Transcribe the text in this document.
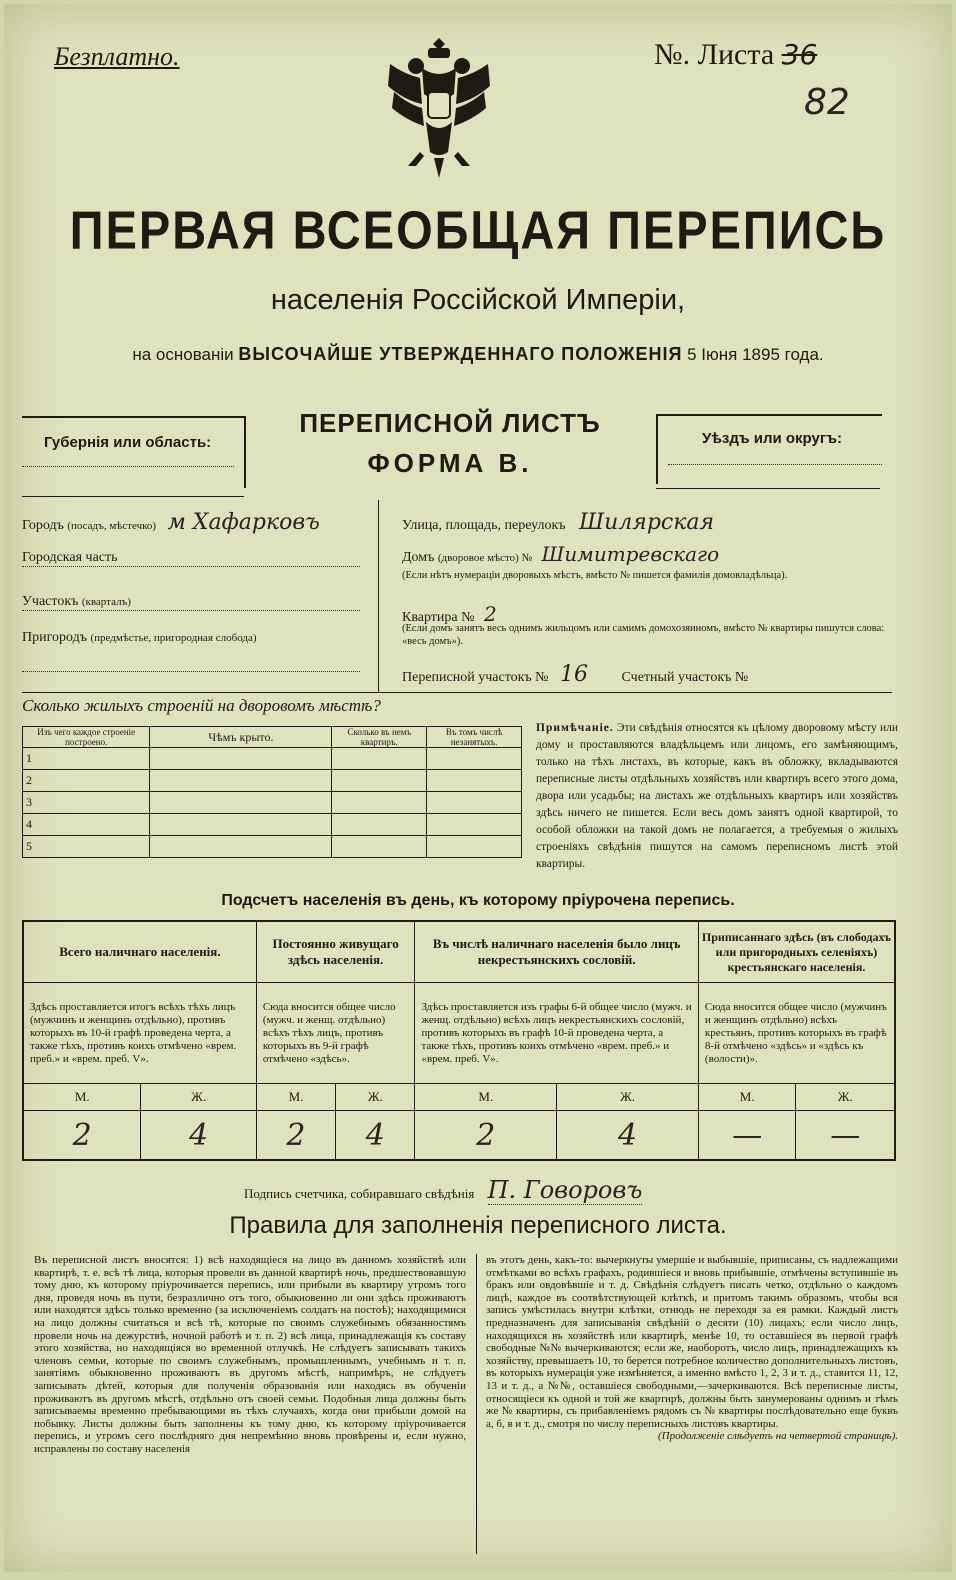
Безплатно.	№. Листа 36
82
ПЕРВАЯ ВСЕОБЩАЯ ПЕРЕПИСЬ
населенія Россійской Имперіи,
на основаніи ВЫСОЧАЙШЕ УТВЕРЖДЕННАГО ПОЛОЖЕНІЯ 5 Іюня 1895 года.
Губернія или область:
ПЕРЕПИСНОЙ ЛИСТЪ
ФОРМА В.
Уѣздъ или округъ:
Городъ (посадъ, мѣстечко) м Хафарковъ
Городская часть
Участокъ (кварталъ)
Пригородъ (предмѣстье, пригородная слобода)
Улица, площадь, переулокъ Шилярская
Домъ (дворовое мѣсто) № Шимитревскаго
(Если нѣтъ нумераціи дворовыхъ мѣстъ, вмѣсто № пишется фамилія домовладѣльца).
Квартира № 2
(Если домъ занятъ весь однимъ жильцомъ или самимъ домохозяиномъ, вмѣсто № квартиры пишутся слова: «весь домъ»).
Переписной участокъ № 16 Счетный участокъ №
Сколько жилыхъ строеній на дворовомъ мѣстѣ?
Изъ чего каждое строеніе построено.	Чѣмъ крыто.	Сколько въ немъ квартиръ.	Въ томъ числѣ незанятыхъ.
1			
2			
3			
4			
5			
Примѣчаніе. Эти свѣдѣнія относятся къ цѣлому дворовому мѣсту или дому и проставляются владѣльцемъ или лицомъ, его замѣняющимъ, только на тѣхъ листахъ, въ которые, какъ въ обложку, вкладываются переписные листы отдѣльныхъ хозяйствъ или квартиръ всего этого дома, двора или усадьбы; на листахъ же отдѣльныхъ квартиръ или хозяйствъ здѣсь ничего не пишется. Если весь домъ занятъ одной квартирой, то особой обложки на такой домъ не полагается, а требуемыя о жилыхъ строеніяхъ свѣдѣнія пишутся на самомъ переписномъ листѣ этой квартиры.
Подсчетъ населенія въ день, къ которому пріурочена перепись.
Всего наличнаго населенія.		Постоянно живущаго здѣсь населенія.		Въ числѣ наличнаго населенія было лицъ некрестьянскихъ сословій.		Приписаннаго здѣсь (въ слободахъ или пригородныхъ селеніяхъ) крестьянскаго населенія.	
Здѣсь проставляется итогъ всѣхъ тѣхъ лицъ (мужчинъ и женщинъ отдѣльно), противъ которыхъ въ 10-й графѣ проведена черта, а также тѣхъ, противъ коихъ отмѣчено «врем. преб.» и «врем. преб. V».		Сюда вносится общее число (мужч. и женщ. отдѣльно) всѣхъ тѣхъ лицъ, противъ которыхъ въ 9-й графѣ отмѣчено «здѣсь».		Здѣсь проставляется изъ графы 6-й общее число (мужч. и женщ. отдѣльно) всѣхъ лицъ некрестьянскихъ сословій, противъ которыхъ въ графѣ 10-й проведена черта, а также тѣхъ, противъ коихъ отмѣчено «врем. преб.» и «врем. преб. V».		Сюда вносится общее число (мужчинъ и женщинъ отдѣльно) всѣхъ крестьянъ, противъ которыхъ въ графѣ 8-й отмѣчено «здѣсь» и «здѣсь къ (волости)».	
М.	Ж.	М.	Ж.	М.	Ж.	М.	Ж.
2	4	2	4	2	4	—	—
Подпись счетчика, собиравшаго свѣдѣнія П. Говоровъ
Правила для заполненія переписного листа.
Въ переписной листъ вносятся: 1) всѣ находящіеся на лицо въ данномъ хозяйствѣ или квартирѣ, т. е. всѣ тѣ лица, которыя провели въ данной квартирѣ ночь, предшествовавшую тому дню, къ которому пріурочивается перепись, или прибыли въ квартиру утромъ того дня, проведя ночь въ пути, безразлично отъ того, обыкновенно ли они здѣсь проживаютъ или находятся здѣсь только временно (за исключеніемъ солдатъ на постоѣ); находящимися на лицо должны считаться и всѣ тѣ, которые по своимъ служебнымъ обязанностямъ провели ночь на дежурствѣ, ночной работѣ и т. п. 2) всѣ лица, принадлежащія къ составу этого хозяйства, но находящіяся во временной отлучкѣ. Не слѣдуетъ записывать такихъ членовъ семьи, которые по своимъ служебнымъ, промышленнымъ, учебнымъ и т. п. занятіямъ обыкновенно проживаютъ въ другомъ мѣстѣ, напримѣръ, не слѣдуетъ записывать дѣтей, которыя для полученія образованія или находясь въ обученіи проживаютъ въ другомъ мѣстѣ, отдѣльно отъ своей семьи. Подобныя лица должны быть записываемы временно пребывающими въ тѣхъ случаяхъ, когда они прибыли домой на побывку. Листы должны быть заполнены къ тому дню, къ которому пріурочивается перепись, и утромъ сего послѣдняго дня непремѣнно вновь провѣрены и, если нужно, исправлены по составу населенія
въ этотъ день, какъ-то: вычеркнуты умершіе и выбывшіе, приписаны, съ надлежащими отмѣтками во всѣхъ графахъ, родившіеся и вновь прибывшіе, отмѣчены вступившіе въ бракъ или овдовѣвшіе и т. д. Свѣдѣнія слѣдуетъ писать четко, отдѣльно о каждомъ лицѣ, каждое въ соотвѣтствующей клѣткѣ, и притомъ такимъ образомъ, чтобы вся запись умѣстилась внутри клѣтки, отнюдь не переходя за ея рамки. Каждый листъ предназначенъ для записыванія свѣдѣній о десяти (10) лицахъ; если число лицъ, находящихся въ хозяйствѣ или квартирѣ, менѣе 10, то оставшіеся въ первой графѣ свободные №№ вычеркиваются; если же, наоборотъ, число лицъ, принадлежащихъ къ хозяйству, превышаетъ 10, то берется потребное количество дополнительныхъ листовъ, въ которыхъ нумерація уже измѣняется, а именно вмѣсто 1, 2, 3 и т. д., ставится 11, 12, 13 и т. д., а №№, оставшіеся свободными,—зачеркиваются. Всѣ переписные листы, относящіеся къ одной и той же квартирѣ, должны быть занумерованы однимъ и тѣмъ же № квартиры, съ прибавленіемъ рядомъ съ № квартиры послѣдовательно еще буквъ а, б, в и т. д., смотря по числу переписныхъ листовъ квартиры.
(Продолженіе слѣдуетъ на четвертой страницѣ).
